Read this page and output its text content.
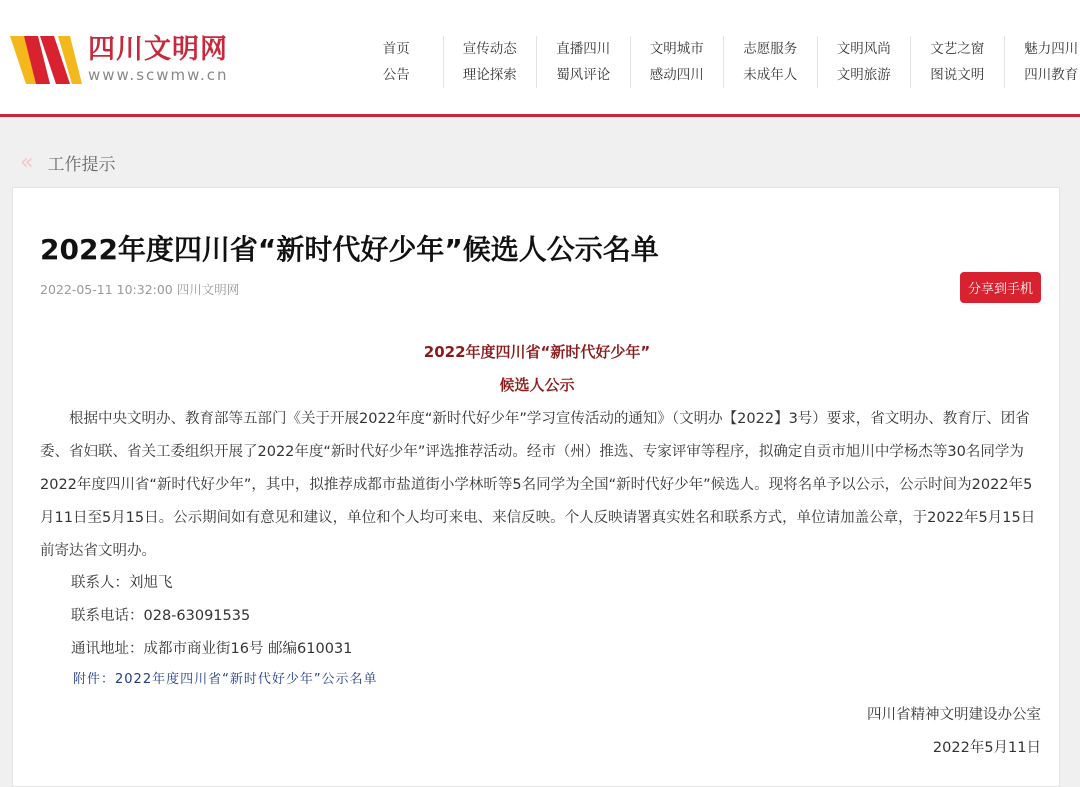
四川文明网
www.scwmw.cn
首页	宣传动态	直播四川	文明城市	志愿服务	文明风尚	文艺之窗	魅力四川
公告	理论探索	蜀风评论	感动四川	未成年人	文明旅游	图说文明	四川教育
« 工作提示
2022年度四川省“新时代好少年”候选人公示名单
2022-05-11 10:32:00 四川文明网	分享到手机
2022年度四川省“新时代好少年”
候选人公示

根据中央文明办、教育部等五部门《关于开展2022年度“新时代好少年”学习宣传活动的通知》（文明办【2022】3号）要求，省文明办、教育厅、团省委、省妇联、省关工委组织开展了2022年度“新时代好少年”评选推荐活动。经市（州）推选、专家评审等程序，拟确定自贡市旭川中学杨杰等30名同学为2022年度四川省“新时代好少年”，其中，拟推荐成都市盐道街小学林昕等5名同学为全国“新时代好少年”候选人。现将名单予以公示，公示时间为2022年5月11日至5月15日。公示期间如有意见和建议，单位和个人均可来电、来信反映。个人反映请署真实姓名和联系方式，单位请加盖公章，于2022年5月15日前寄达省文明办。

联系人：刘旭飞
联系电话：028-63091535
通讯地址：成都市商业街16号 邮编610031
附件：2022年度四川省“新时代好少年”公示名单
四川省精神文明建设办公室
2022年5月11日
